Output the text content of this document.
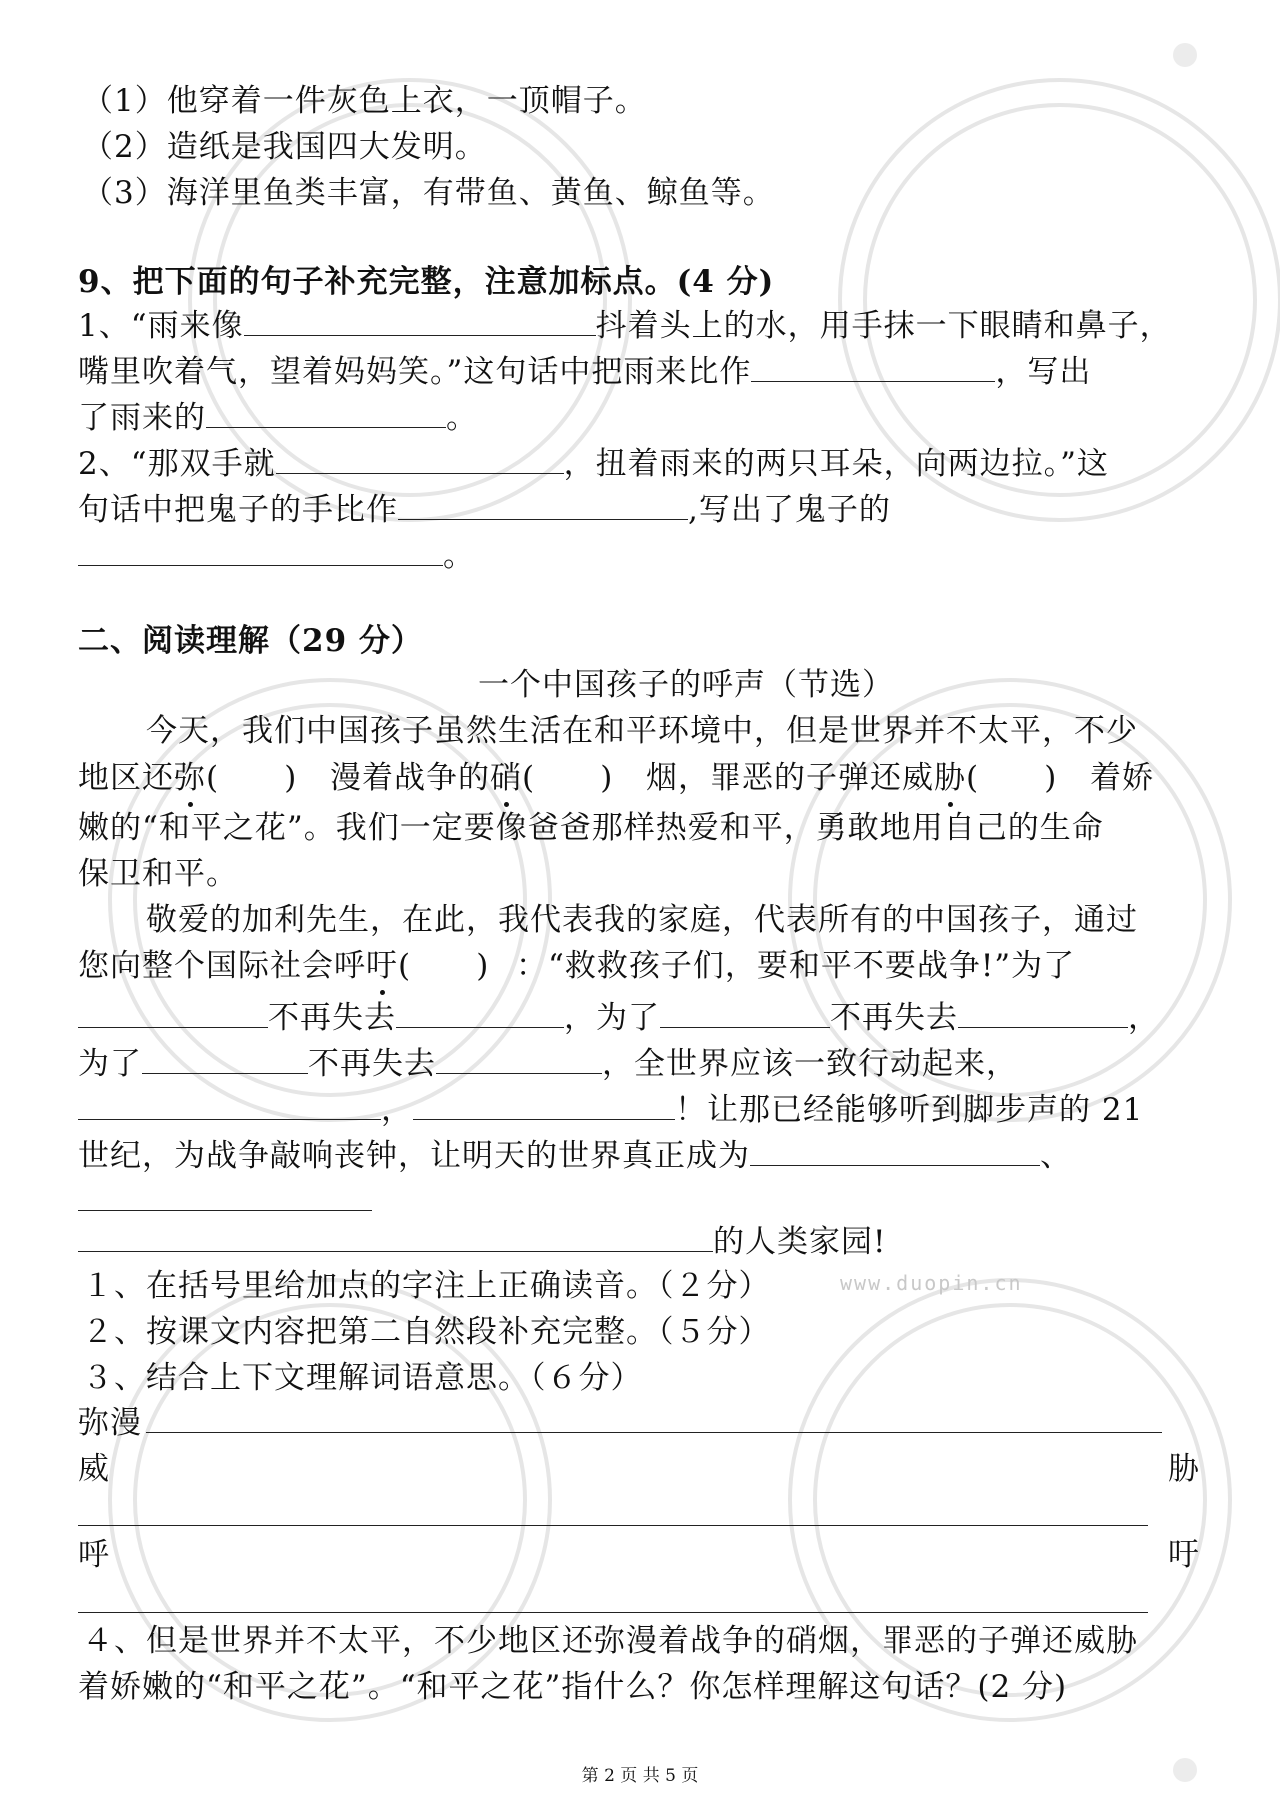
www.duopin.cn
（1）他穿着一件灰色上衣，一顶帽子。
（2）造纸是我国四大发明。
（3）海洋里鱼类丰富，有带鱼、黄鱼、鲸鱼等。
9、把下面的句子补充完整，注意加标点。(4 分)
1、“雨来像	抖着头上的水，用手抹一下眼睛和鼻子，
嘴里吹着气，望着妈妈笑。”这句话中把雨来比作	，写出
了雨来的	。
2、“那双手就	，扭着雨来的两只耳朵，向两边拉。”这
句话中把鬼子的手比作	,写出了鬼子的
。
二、阅读理解（29 分）
一个中国孩子的呼声（节选）
今天，我们中国孩子虽然生活在和平环境中，但是世界并不太平，不少
地区还弥(      ) 漫着战争的硝(      ) 烟，罪恶的子弹还威胁(      ) 着娇
嫩的“和平之花”。我们一定要像爸爸那样热爱和平，勇敢地用自己的生命
保卫和平。
敬爱的加利先生，在此，我代表我的家庭，代表所有的中国孩子，通过
您向整个国际社会呼吁(      ) ：“救救孩子们，要和平不要战争!”为了
不再失去	，为了	不再失去	，
为了	不再失去	，全世界应该一致行动起来，
，	！让那已经能够听到脚步声的 21
世纪，为战争敲响丧钟，让明天的世界真正成为	、
的人类家园!
１、在括号里给加点的字注上正确读音。（２分）
２、按课文内容把第二自然段补充完整。（５分）
３、结合上下文理解词语意思。（６分）
弥漫
威	胁
呼	吁
４、但是世界并不太平，不少地区还弥漫着战争的硝烟，罪恶的子弹还威胁
着娇嫩的“和平之花”。“和平之花”指什么？你怎样理解这句话？(2 分)
第 2 页 共 5 页
